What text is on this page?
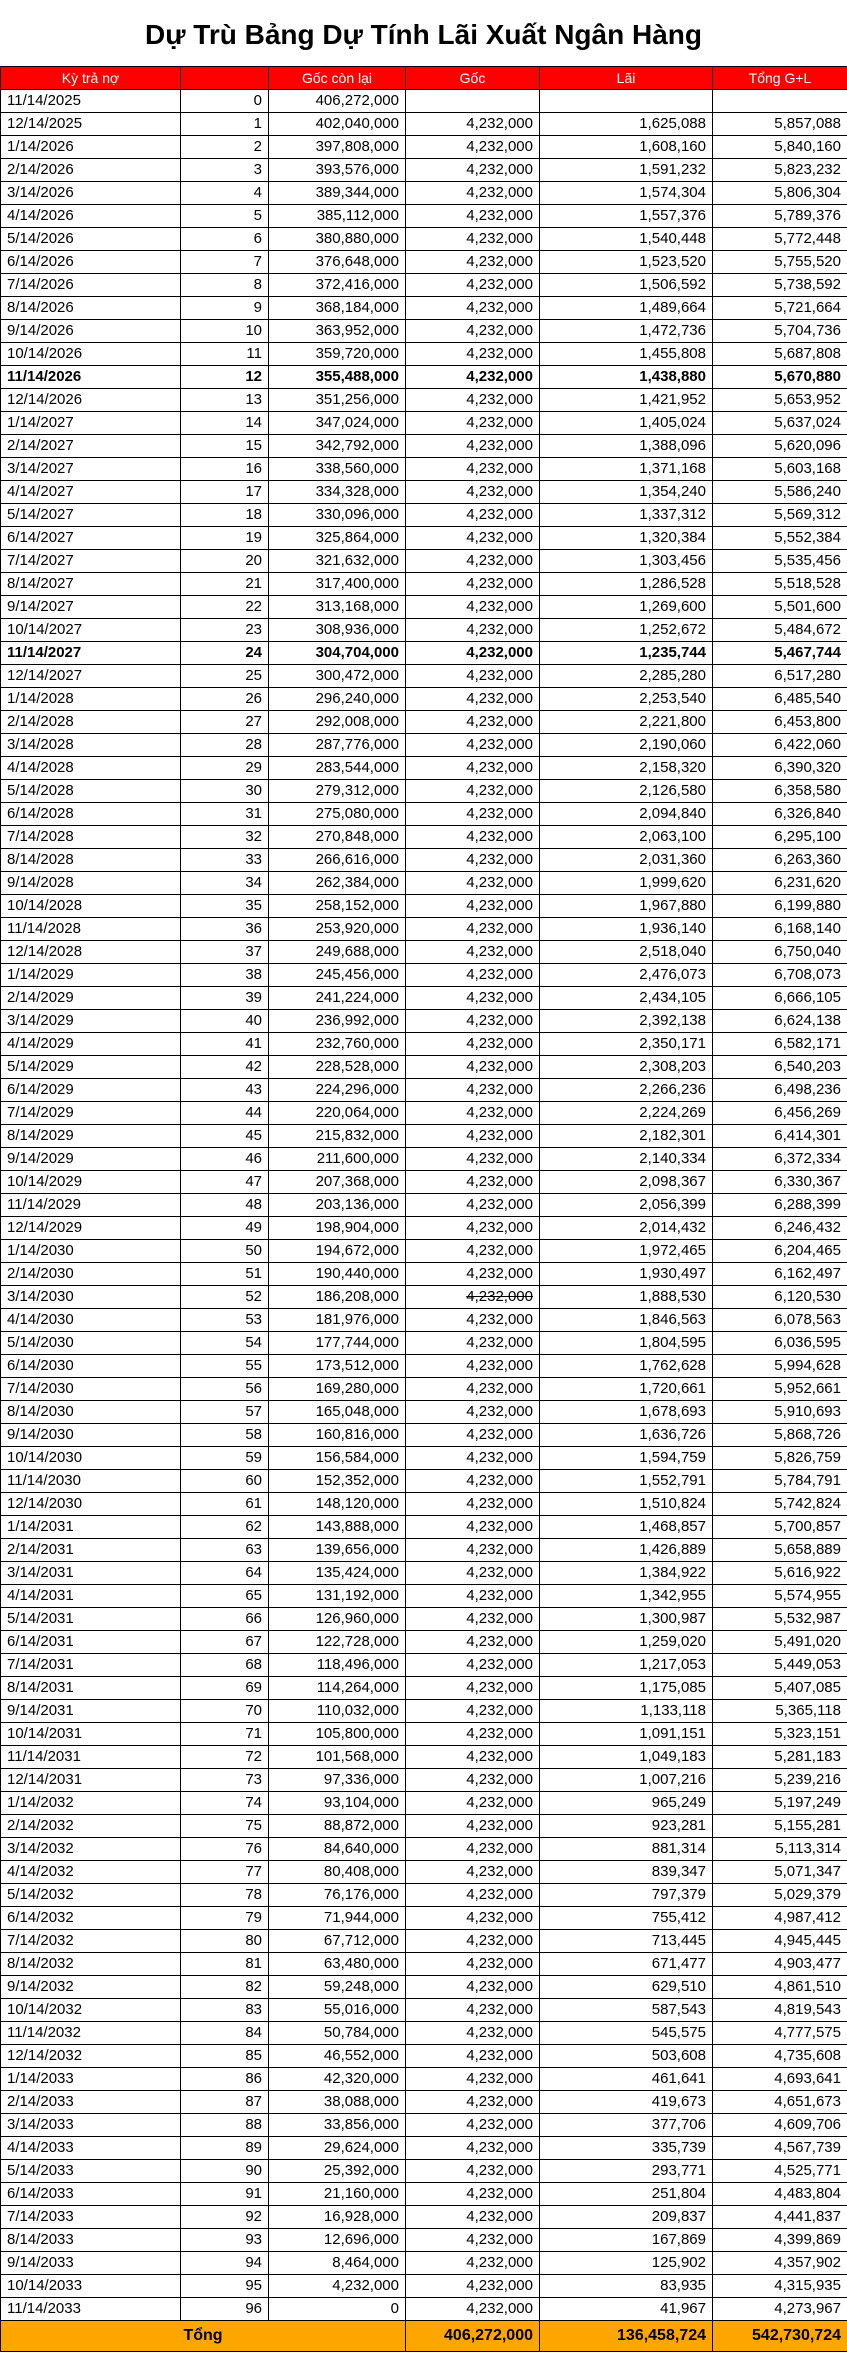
Dự Trù Bảng Dự Tính Lãi Xuất Ngân Hàng
Kỳ trả nợ		Gốc còn lại	Gốc	Lãi	Tổng G+L
11/14/2025	0	406,272,000			
12/14/2025	1	402,040,000	4,232,000	1,625,088	5,857,088
1/14/2026	2	397,808,000	4,232,000	1,608,160	5,840,160
2/14/2026	3	393,576,000	4,232,000	1,591,232	5,823,232
3/14/2026	4	389,344,000	4,232,000	1,574,304	5,806,304
4/14/2026	5	385,112,000	4,232,000	1,557,376	5,789,376
5/14/2026	6	380,880,000	4,232,000	1,540,448	5,772,448
6/14/2026	7	376,648,000	4,232,000	1,523,520	5,755,520
7/14/2026	8	372,416,000	4,232,000	1,506,592	5,738,592
8/14/2026	9	368,184,000	4,232,000	1,489,664	5,721,664
9/14/2026	10	363,952,000	4,232,000	1,472,736	5,704,736
10/14/2026	11	359,720,000	4,232,000	1,455,808	5,687,808
11/14/2026	12	355,488,000	4,232,000	1,438,880	5,670,880
12/14/2026	13	351,256,000	4,232,000	1,421,952	5,653,952
1/14/2027	14	347,024,000	4,232,000	1,405,024	5,637,024
2/14/2027	15	342,792,000	4,232,000	1,388,096	5,620,096
3/14/2027	16	338,560,000	4,232,000	1,371,168	5,603,168
4/14/2027	17	334,328,000	4,232,000	1,354,240	5,586,240
5/14/2027	18	330,096,000	4,232,000	1,337,312	5,569,312
6/14/2027	19	325,864,000	4,232,000	1,320,384	5,552,384
7/14/2027	20	321,632,000	4,232,000	1,303,456	5,535,456
8/14/2027	21	317,400,000	4,232,000	1,286,528	5,518,528
9/14/2027	22	313,168,000	4,232,000	1,269,600	5,501,600
10/14/2027	23	308,936,000	4,232,000	1,252,672	5,484,672
11/14/2027	24	304,704,000	4,232,000	1,235,744	5,467,744
12/14/2027	25	300,472,000	4,232,000	2,285,280	6,517,280
1/14/2028	26	296,240,000	4,232,000	2,253,540	6,485,540
2/14/2028	27	292,008,000	4,232,000	2,221,800	6,453,800
3/14/2028	28	287,776,000	4,232,000	2,190,060	6,422,060
4/14/2028	29	283,544,000	4,232,000	2,158,320	6,390,320
5/14/2028	30	279,312,000	4,232,000	2,126,580	6,358,580
6/14/2028	31	275,080,000	4,232,000	2,094,840	6,326,840
7/14/2028	32	270,848,000	4,232,000	2,063,100	6,295,100
8/14/2028	33	266,616,000	4,232,000	2,031,360	6,263,360
9/14/2028	34	262,384,000	4,232,000	1,999,620	6,231,620
10/14/2028	35	258,152,000	4,232,000	1,967,880	6,199,880
11/14/2028	36	253,920,000	4,232,000	1,936,140	6,168,140
12/14/2028	37	249,688,000	4,232,000	2,518,040	6,750,040
1/14/2029	38	245,456,000	4,232,000	2,476,073	6,708,073
2/14/2029	39	241,224,000	4,232,000	2,434,105	6,666,105
3/14/2029	40	236,992,000	4,232,000	2,392,138	6,624,138
4/14/2029	41	232,760,000	4,232,000	2,350,171	6,582,171
5/14/2029	42	228,528,000	4,232,000	2,308,203	6,540,203
6/14/2029	43	224,296,000	4,232,000	2,266,236	6,498,236
7/14/2029	44	220,064,000	4,232,000	2,224,269	6,456,269
8/14/2029	45	215,832,000	4,232,000	2,182,301	6,414,301
9/14/2029	46	211,600,000	4,232,000	2,140,334	6,372,334
10/14/2029	47	207,368,000	4,232,000	2,098,367	6,330,367
11/14/2029	48	203,136,000	4,232,000	2,056,399	6,288,399
12/14/2029	49	198,904,000	4,232,000	2,014,432	6,246,432
1/14/2030	50	194,672,000	4,232,000	1,972,465	6,204,465
2/14/2030	51	190,440,000	4,232,000	1,930,497	6,162,497
3/14/2030	52	186,208,000	4,232,000	1,888,530	6,120,530
4/14/2030	53	181,976,000	4,232,000	1,846,563	6,078,563
5/14/2030	54	177,744,000	4,232,000	1,804,595	6,036,595
6/14/2030	55	173,512,000	4,232,000	1,762,628	5,994,628
7/14/2030	56	169,280,000	4,232,000	1,720,661	5,952,661
8/14/2030	57	165,048,000	4,232,000	1,678,693	5,910,693
9/14/2030	58	160,816,000	4,232,000	1,636,726	5,868,726
10/14/2030	59	156,584,000	4,232,000	1,594,759	5,826,759
11/14/2030	60	152,352,000	4,232,000	1,552,791	5,784,791
12/14/2030	61	148,120,000	4,232,000	1,510,824	5,742,824
1/14/2031	62	143,888,000	4,232,000	1,468,857	5,700,857
2/14/2031	63	139,656,000	4,232,000	1,426,889	5,658,889
3/14/2031	64	135,424,000	4,232,000	1,384,922	5,616,922
4/14/2031	65	131,192,000	4,232,000	1,342,955	5,574,955
5/14/2031	66	126,960,000	4,232,000	1,300,987	5,532,987
6/14/2031	67	122,728,000	4,232,000	1,259,020	5,491,020
7/14/2031	68	118,496,000	4,232,000	1,217,053	5,449,053
8/14/2031	69	114,264,000	4,232,000	1,175,085	5,407,085
9/14/2031	70	110,032,000	4,232,000	1,133,118	5,365,118
10/14/2031	71	105,800,000	4,232,000	1,091,151	5,323,151
11/14/2031	72	101,568,000	4,232,000	1,049,183	5,281,183
12/14/2031	73	97,336,000	4,232,000	1,007,216	5,239,216
1/14/2032	74	93,104,000	4,232,000	965,249	5,197,249
2/14/2032	75	88,872,000	4,232,000	923,281	5,155,281
3/14/2032	76	84,640,000	4,232,000	881,314	5,113,314
4/14/2032	77	80,408,000	4,232,000	839,347	5,071,347
5/14/2032	78	76,176,000	4,232,000	797,379	5,029,379
6/14/2032	79	71,944,000	4,232,000	755,412	4,987,412
7/14/2032	80	67,712,000	4,232,000	713,445	4,945,445
8/14/2032	81	63,480,000	4,232,000	671,477	4,903,477
9/14/2032	82	59,248,000	4,232,000	629,510	4,861,510
10/14/2032	83	55,016,000	4,232,000	587,543	4,819,543
11/14/2032	84	50,784,000	4,232,000	545,575	4,777,575
12/14/2032	85	46,552,000	4,232,000	503,608	4,735,608
1/14/2033	86	42,320,000	4,232,000	461,641	4,693,641
2/14/2033	87	38,088,000	4,232,000	419,673	4,651,673
3/14/2033	88	33,856,000	4,232,000	377,706	4,609,706
4/14/2033	89	29,624,000	4,232,000	335,739	4,567,739
5/14/2033	90	25,392,000	4,232,000	293,771	4,525,771
6/14/2033	91	21,160,000	4,232,000	251,804	4,483,804
7/14/2033	92	16,928,000	4,232,000	209,837	4,441,837
8/14/2033	93	12,696,000	4,232,000	167,869	4,399,869
9/14/2033	94	8,464,000	4,232,000	125,902	4,357,902
10/14/2033	95	4,232,000	4,232,000	83,935	4,315,935
11/14/2033	96	0	4,232,000	41,967	4,273,967
Tổng			406,272,000	136,458,724	542,730,724
